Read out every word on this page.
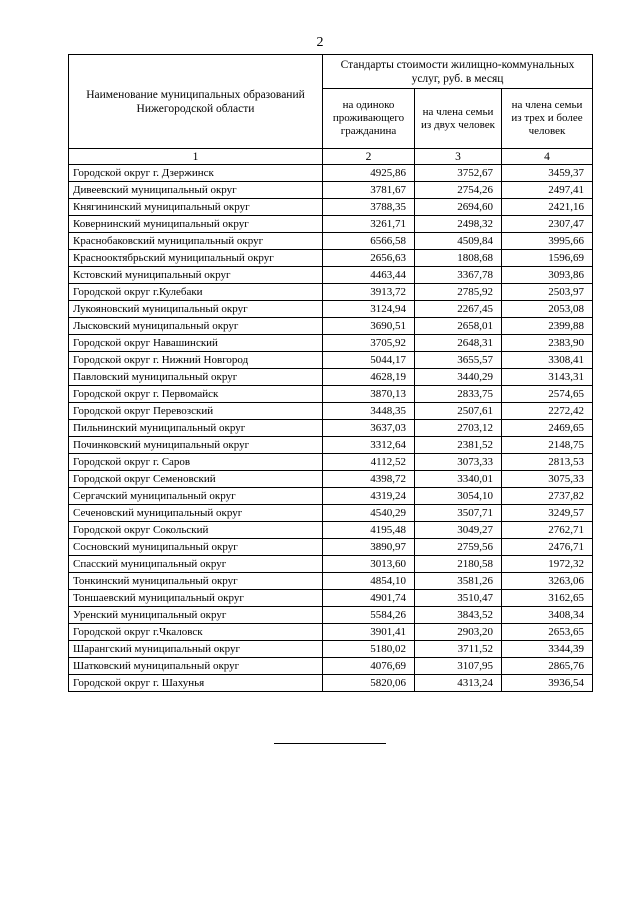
2
Наименование муниципальных образований Нижегородской области	Стандарты стоимости жилищно-коммунальных услуг, руб. в месяц		
	на одиноко проживающего гражданина	на члена семьи из двух человек	на члена семьи из трех и более человек
1	2	3	4
Городской округ г. Дзержинск	4925,86	3752,67	3459,37
Дивеевский муниципальный округ	3781,67	2754,26	2497,41
Княгининский муниципальный округ	3788,35	2694,60	2421,16
Ковернинский муниципальный округ	3261,71	2498,32	2307,47
Краснобаковский муниципальный округ	6566,58	4509,84	3995,66
Краснооктябрьский муниципальный округ	2656,63	1808,68	1596,69
Кстовский муниципальный округ	4463,44	3367,78	3093,86
Городской округ г.Кулебаки	3913,72	2785,92	2503,97
Лукояновский муниципальный округ	3124,94	2267,45	2053,08
Лысковский муниципальный округ	3690,51	2658,01	2399,88
Городской округ Навашинский	3705,92	2648,31	2383,90
Городской округ г. Нижний Новгород	5044,17	3655,57	3308,41
Павловский муниципальный округ	4628,19	3440,29	3143,31
Городской округ г. Первомайск	3870,13	2833,75	2574,65
Городской округ Перевозский	3448,35	2507,61	2272,42
Пильнинский муниципальный округ	3637,03	2703,12	2469,65
Починковский муниципальный округ	3312,64	2381,52	2148,75
Городской округ г. Саров	4112,52	3073,33	2813,53
Городской округ Семеновский	4398,72	3340,01	3075,33
Сергачский муниципальный округ	4319,24	3054,10	2737,82
Сеченовский муниципальный округ	4540,29	3507,71	3249,57
Городской округ Сокольский	4195,48	3049,27	2762,71
Сосновский муниципальный округ	3890,97	2759,56	2476,71
Спасский муниципальный округ	3013,60	2180,58	1972,32
Тонкинский муниципальный округ	4854,10	3581,26	3263,06
Тоншаевский муниципальный округ	4901,74	3510,47	3162,65
Уренский муниципальный округ	5584,26	3843,52	3408,34
Городской округ г.Чкаловск	3901,41	2903,20	2653,65
Шарангский муниципальный округ	5180,02	3711,52	3344,39
Шатковский муниципальный округ	4076,69	3107,95	2865,76
Городской округ г. Шахунья	5820,06	4313,24	3936,54
